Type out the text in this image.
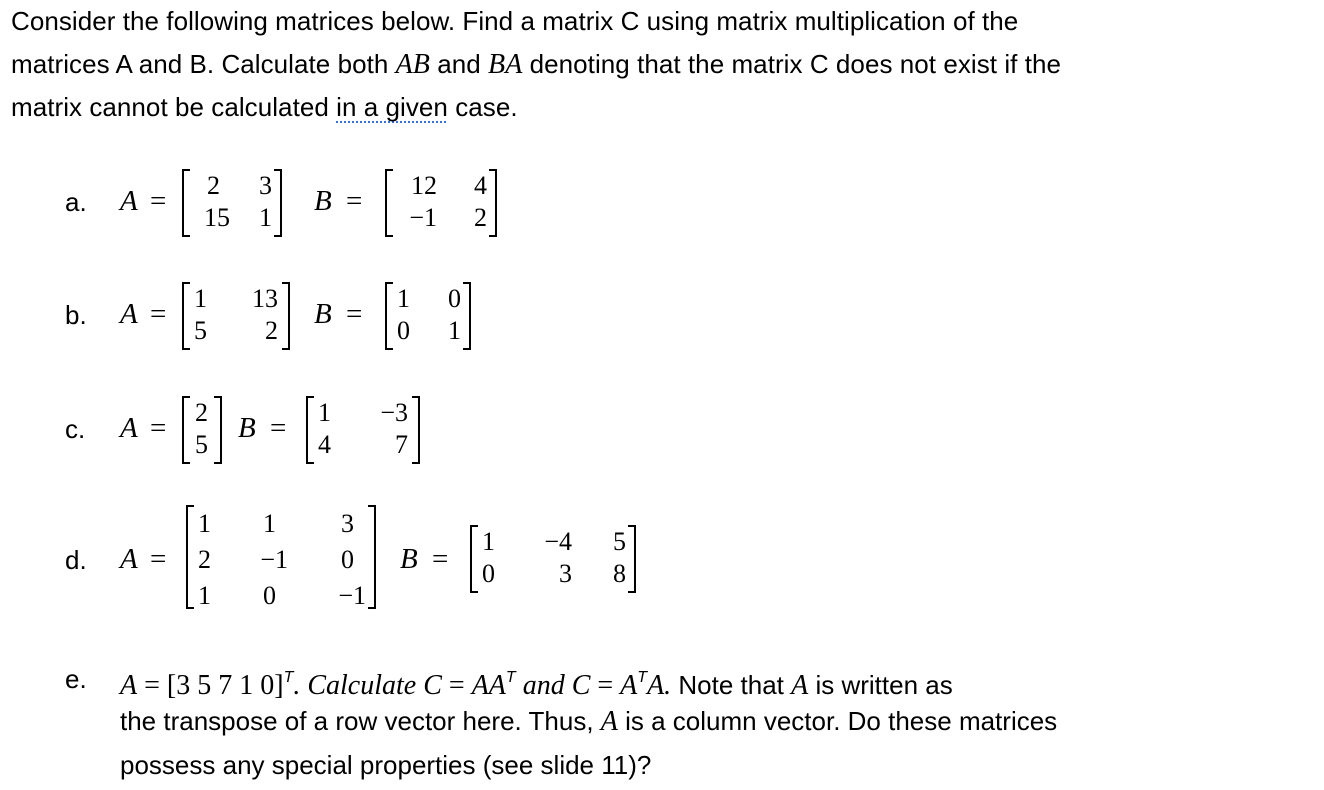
Consider the following matrices below. Find a matrix C using matrix multiplication of the
matrices A and B. Calculate both AB and BA denoting that the matrix C does not exist if the
matrix cannot be calculated in a given case.
a. A = 2 3
15 1
B = 12 4
−1 2
b. A = 1 13
5 2
B = 1 0
0 1
c. A = 2
5
B = 1 −3
4 7
d. A =
1 1	3
2 −1 0
1 0 −1
B =
1 −4 5
0 3 8
e. A = [3 5 7 1 0]$^T$. Calculate $C = AA^T$ and $C = A^TA$. Note that A is written as
the transpose of a row vector here. Thus, A is a column vector. Do these matrices
possess any special properties (see slide 11)?
